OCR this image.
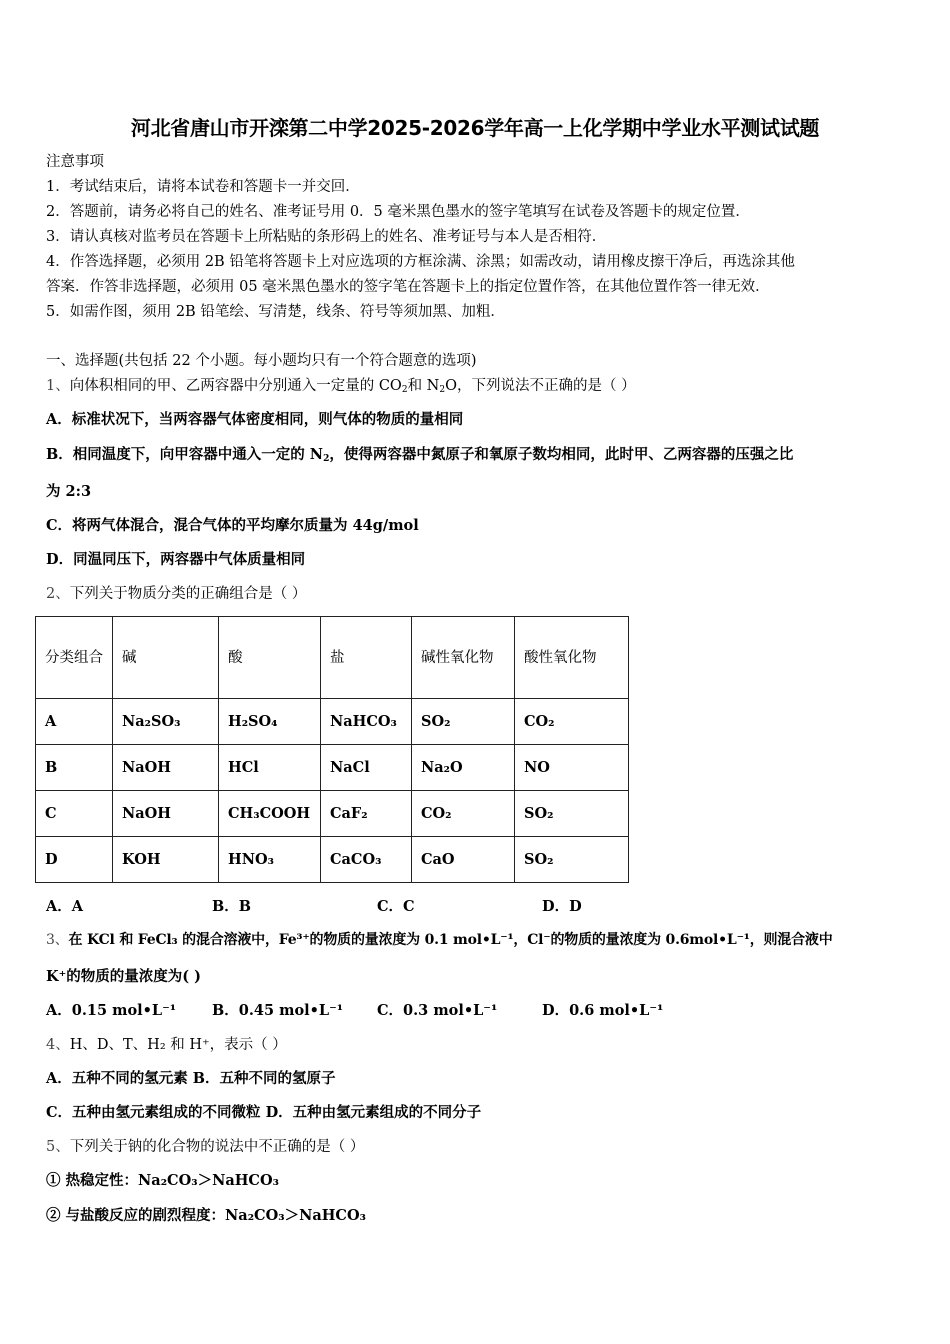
河北省唐山市开滦第二中学2025-2026学年高一上化学期中学业水平测试试题
注意事项
1．考试结束后，请将本试卷和答题卡一并交回．
2．答题前，请务必将自己的姓名、准考证号用 0．5 毫米黑色墨水的签字笔填写在试卷及答题卡的规定位置．
3．请认真核对监考员在答题卡上所粘贴的条形码上的姓名、准考证号与本人是否相符．
4．作答选择题，必须用 2B 铅笔将答题卡上对应选项的方框涂满、涂黑；如需改动，请用橡皮擦干净后，再选涂其他
答案．作答非选择题，必须用 05 毫米黑色墨水的签字笔在答题卡上的指定位置作答，在其他位置作答一律无效．
5．如需作图，须用 2B 铅笔绘、写清楚，线条、符号等须加黑、加粗．
一、选择题(共包括 22 个小题。每小题均只有一个符合题意的选项)
1、向体积相同的甲、乙两容器中分别通入一定量的 $CO_2$和 $N_2O$，下列说法不正确的是（ ）
A．标准状况下，当两容器气体密度相同，则气体的物质的量相同
B．相同温度下，向甲容器中通入一定的 $N_2$，使得两容器中氮原子和氧原子数均相同，此时甲、乙两容器的压强之比
为 2:3
C．将两气体混合，混合气体的平均摩尔质量为 44g/mol
D．同温同压下，两容器中气体质量相同
2、下列关于物质分类的正确组合是（ ）
分类组合	碱	酸	盐	碱性氧化物	酸性氧化物
A	Na₂SO₃	H₂SO₄	NaHCO₃	SO₂	CO₂
B	NaOH	HCl	NaCl	Na₂O	NO
C	NaOH	CH₃COOH	CaF₂	CO₂	SO₂
D	KOH	HNO₃	CaCO₃	CaO	SO₂
A．A	B．B	C．C	D．D
3、在 KCl 和 FeCl₃ 的混合溶液中，Fe³⁺的物质的量浓度为 0.1 mol•L⁻¹，Cl⁻的物质的量浓度为 0.6mol•L⁻¹，则混合液中
K⁺的物质的量浓度为( )
A．0.15 mol•L⁻¹ B．0.45 mol•L⁻¹ C．0.3 mol•L⁻¹	D．0.6 mol•L⁻¹
4、H、D、T、H₂ 和 H⁺，表示（ ）
A．五种不同的氢元素 B．五种不同的氢原子
C．五种由氢元素组成的不同微粒 D．五种由氢元素组成的不同分子
5、下列关于钠的化合物的说法中不正确的是（ ）
① 热稳定性：Na₂CO₃＞NaHCO₃
② 与盐酸反应的剧烈程度：Na₂CO₃＞NaHCO₃
